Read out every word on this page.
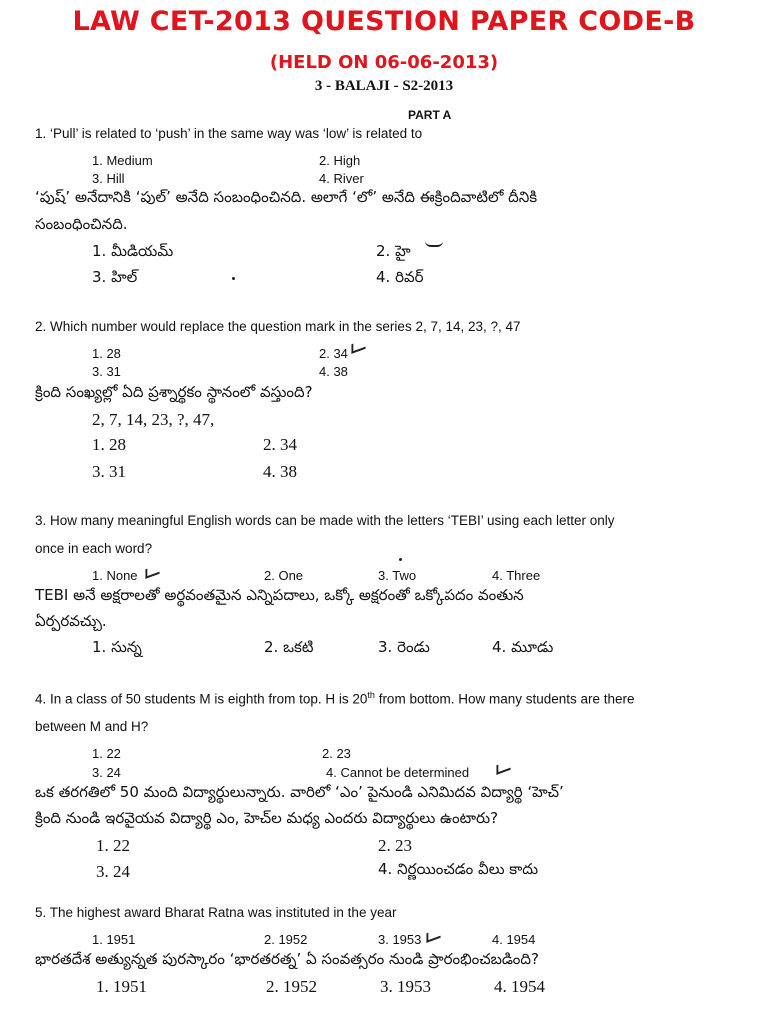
LAW CET-2013 QUESTION PAPER CODE-B
(HELD ON 06-06-2013)
3 - BALAJI - S2-2013
PART A
1. ‘Pull’ is related to ‘push’ in the same way was ‘low’ is related to
1. Medium	2. High
3. Hill	4. River
‘పుష్’ అనేదానికి ‘పుల్’ అనేది సంబంధించినది. అలాగే ‘లో’ అనేది ఈక్రిందివాటిలో దీనికి
సంబంధించినది.
1. మీడియమ్	2. హై
3. హిల్	4. రివర్
2. Which number would replace the question mark in the series 2, 7, 14, 23, ?, 47
1. 28	2. 34
3. 31	4. 38
క్రింది సంఖ్యల్లో ఏది ప్రశ్నార్థకం స్థానంలో వస్తుంది?
2, 7, 14, 23, ?, 47,
1. 28	2. 34
3. 31	4. 38
3. How many meaningful English words can be made with the letters ‘TEBI’ using each letter only
once in each word?
1. None	2. One	3. Two	4. Three
TEBI అనే అక్షరాలతో అర్థవంతమైన ఎన్నిపదాలు, ఒక్కో అక్షరంతో ఒక్కోపదం వంతున
ఏర్పరవచ్చు.
1. సున్న	2. ఒకటి	3. రెండు	4. మూడు
4. In a class of 50 students M is eighth from top. H is 20th from bottom. How many students are there
between M and H?
1. 22	2. 23
3. 24	4. Cannot be determined
ఒక తరగతిలో 50 మంది విద్యార్థులున్నారు. వారిలో ‘ఎం’ పైనుండి ఎనిమిదవ విద్యార్థి ‘హెచ్’
క్రింది నుండి ఇరవైయవ విద్యార్థి ఎం, హెచ్‌ల మధ్య ఎందరు విద్యార్థులు ఉంటారు?
1. 22	2. 23
3. 24	4. నిర్ణయించడం వీలు కాదు
5. The highest award Bharat Ratna was instituted in the year
1. 1951	2. 1952	3. 1953	4. 1954
భారతదేశ అత్యున్నత పురస్కారం ‘భారతరత్న’ ఏ సంవత్సరం నుండి ప్రారంభించబడింది?
1. 1951	2. 1952	3. 1953	4. 1954
